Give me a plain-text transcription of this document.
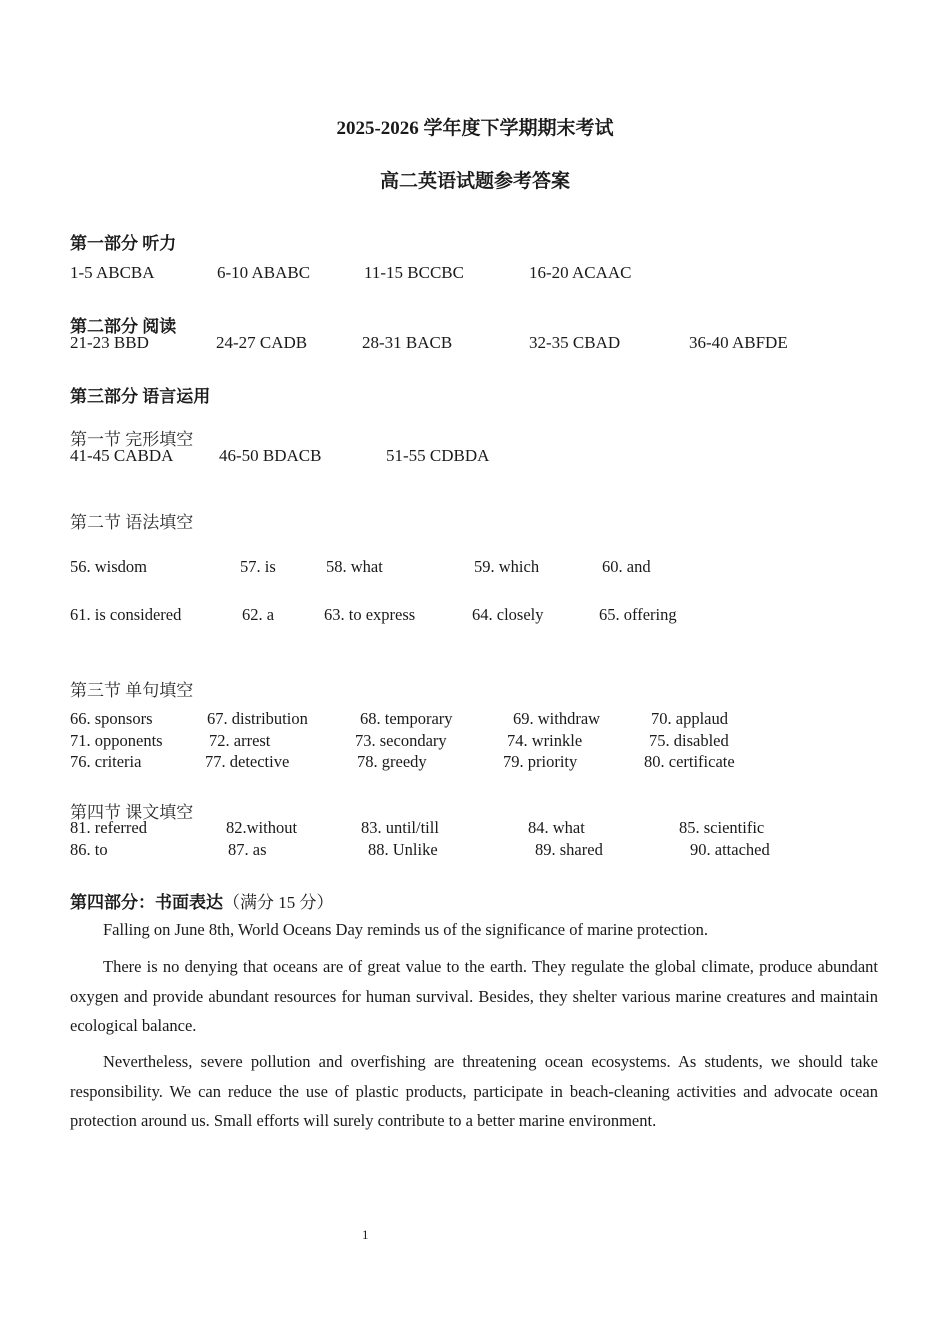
2025-2026 学年度下学期期末考试
高二英语试题参考答案
第一部分 听力
1-5 ABCBA	6-10 ABABC	11-15 BCCBC	16-20 ACAAC
第二部分 阅读
21-23 BBD	24-27 CADB	28-31 BACB	32-35 CBAD	36-40 ABFDE
第三部分 语言运用
第一节 完形填空
41-45 CABDA	46-50 BDACB	51-55 CDBDA
第二节 语法填空
56. wisdom	57. is	58. what	59. which	60. and
61. is considered	62. a	63. to express	64. closely	65. offering
第三节 单句填空
66. sponsors	67. distribution	68. temporary	69. withdraw	70. applaud
71. opponents	72. arrest	73. secondary	74. wrinkle	75. disabled
76. criteria	77. detective	78. greedy	79. priority	80. certificate
第四节 课文填空
81. referred	82.without	83. until/till	84. what	85. scientific
86. to	87. as	88. Unlike	89. shared	90. attached
第四部分：书面表达（满分 15 分）
Falling on June 8th, World Oceans Day reminds us of the significance of marine protection.
There is no denying that oceans are of great value to the earth. They regulate the global climate, produce abundant oxygen and provide abundant resources for human survival. Besides, they shelter various marine creatures and maintain ecological balance.
Nevertheless, severe pollution and overfishing are threatening ocean ecosystems. As students, we should take responsibility. We can reduce the use of plastic products, participate in beach-cleaning activities and advocate ocean protection around us. Small efforts will surely contribute to a better marine environment.
1
